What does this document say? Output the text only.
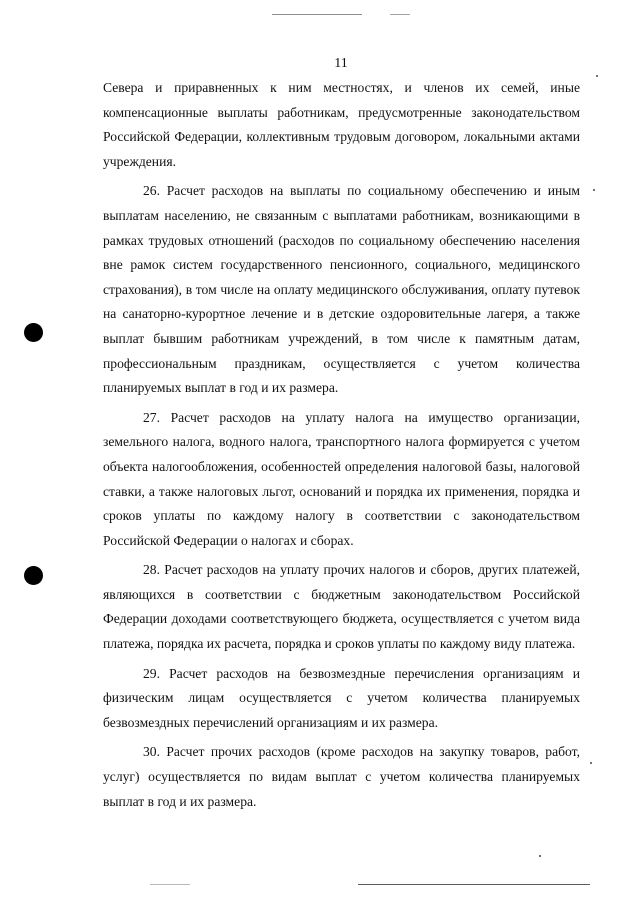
11

Севера и приравненных к ним местностях, и членов их семей, иные компенсационные выплаты работникам, предусмотренные законодательством Российской Федерации, коллективным трудовым договором, локальными актами учреждения.

26. Расчет расходов на выплаты по социальному обеспечению и иным выплатам населению, не связанным с выплатами работникам, возникающими в рамках трудовых отношений (расходов по социальному обеспечению населения вне рамок систем государственного пенсионного, социального, медицинского страхования), в том числе на оплату медицинского обслуживания, оплату путевок на санаторно-курортное лечение и в детские оздоровительные лагеря, а также выплат бывшим работникам учреждений, в том числе к памятным датам, профессиональным праздникам, осуществляется с учетом количества планируемых выплат в год и их размера.

27. Расчет расходов на уплату налога на имущество организации, земельного налога, водного налога, транспортного налога формируется с учетом объекта налогообложения, особенностей определения налоговой базы, налоговой ставки, а также налоговых льгот, оснований и порядка их применения, порядка и сроков уплаты по каждому налогу в соответствии с законодательством Российской Федерации о налогах и сборах.

28. Расчет расходов на уплату прочих налогов и сборов, других платежей, являющихся в соответствии с бюджетным законодательством Российской Федерации доходами соответствующего бюджета, осуществляется с учетом вида платежа, порядка их расчета, порядка и сроков уплаты по каждому виду платежа.

29. Расчет расходов на безвозмездные перечисления организациям и физическим лицам осуществляется с учетом количества планируемых безвозмездных перечислений организациям и их размера.

30. Расчет прочих расходов (кроме расходов на закупку товаров, работ, услуг) осуществляется по видам выплат с учетом количества планируемых выплат в год и их размера.
